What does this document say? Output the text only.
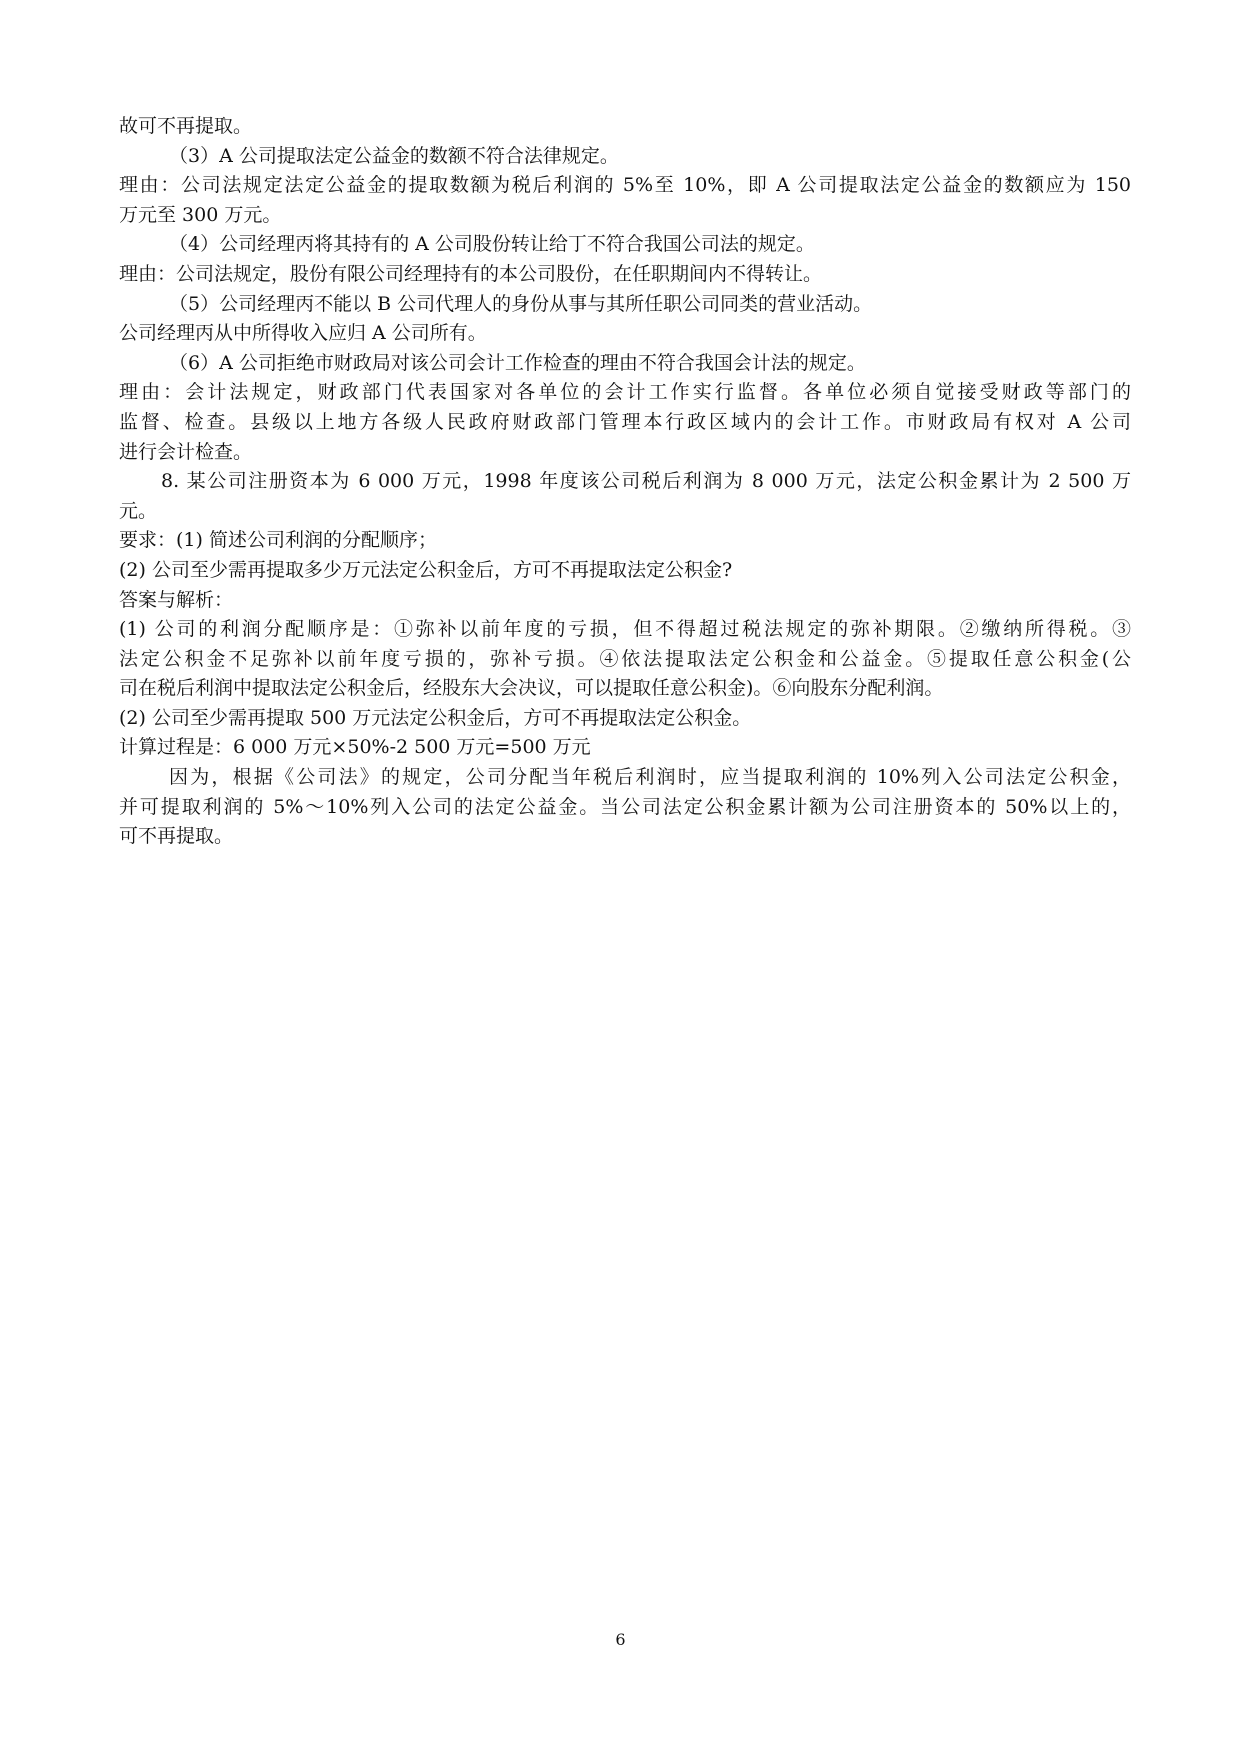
故可不再提取。
（3）A 公司提取法定公益金的数额不符合法律规定。
理由：公司法规定法定公益金的提取数额为税后利润的 5%至 10%，即 A 公司提取法定公益金的数额应为 150
万元至 300 万元。
（4）公司经理丙将其持有的 A 公司股份转让给丁不符合我国公司法的规定。
理由：公司法规定，股份有限公司经理持有的本公司股份，在任职期间内不得转让。
（5）公司经理丙不能以 B 公司代理人的身份从事与其所任职公司同类的营业活动。
公司经理丙从中所得收入应归 A 公司所有。
（6）A 公司拒绝市财政局对该公司会计工作检查的理由不符合我国会计法的规定。
理由：会计法规定，财政部门代表国家对各单位的会计工作实行监督。各单位必须自觉接受财政等部门的
监督、检查。县级以上地方各级人民政府财政部门管理本行政区域内的会计工作。市财政局有权对 A 公司
进行会计检查。
8. 某公司注册资本为 6 000 万元，1998 年度该公司税后利润为 8 000 万元，法定公积金累计为 2 500 万
元。
要求：(1) 简述公司利润的分配顺序；
(2) 公司至少需再提取多少万元法定公积金后，方可不再提取法定公积金?
答案与解析：
(1) 公司的利润分配顺序是：①弥补以前年度的亏损，但不得超过税法规定的弥补期限。②缴纳所得税。③
法定公积金不足弥补以前年度亏损的，弥补亏损。④依法提取法定公积金和公益金。⑤提取任意公积金(公
司在税后利润中提取法定公积金后，经股东大会决议，可以提取任意公积金)。⑥向股东分配利润。
(2) 公司至少需再提取 500 万元法定公积金后，方可不再提取法定公积金。
计算过程是：6 000 万元×50%-2 500 万元=500 万元
因为，根据《公司法》的规定，公司分配当年税后利润时，应当提取利润的 10%列入公司法定公积金，
并可提取利润的 5%～10%列入公司的法定公益金。当公司法定公积金累计额为公司注册资本的 50%以上的，
可不再提取。
6
